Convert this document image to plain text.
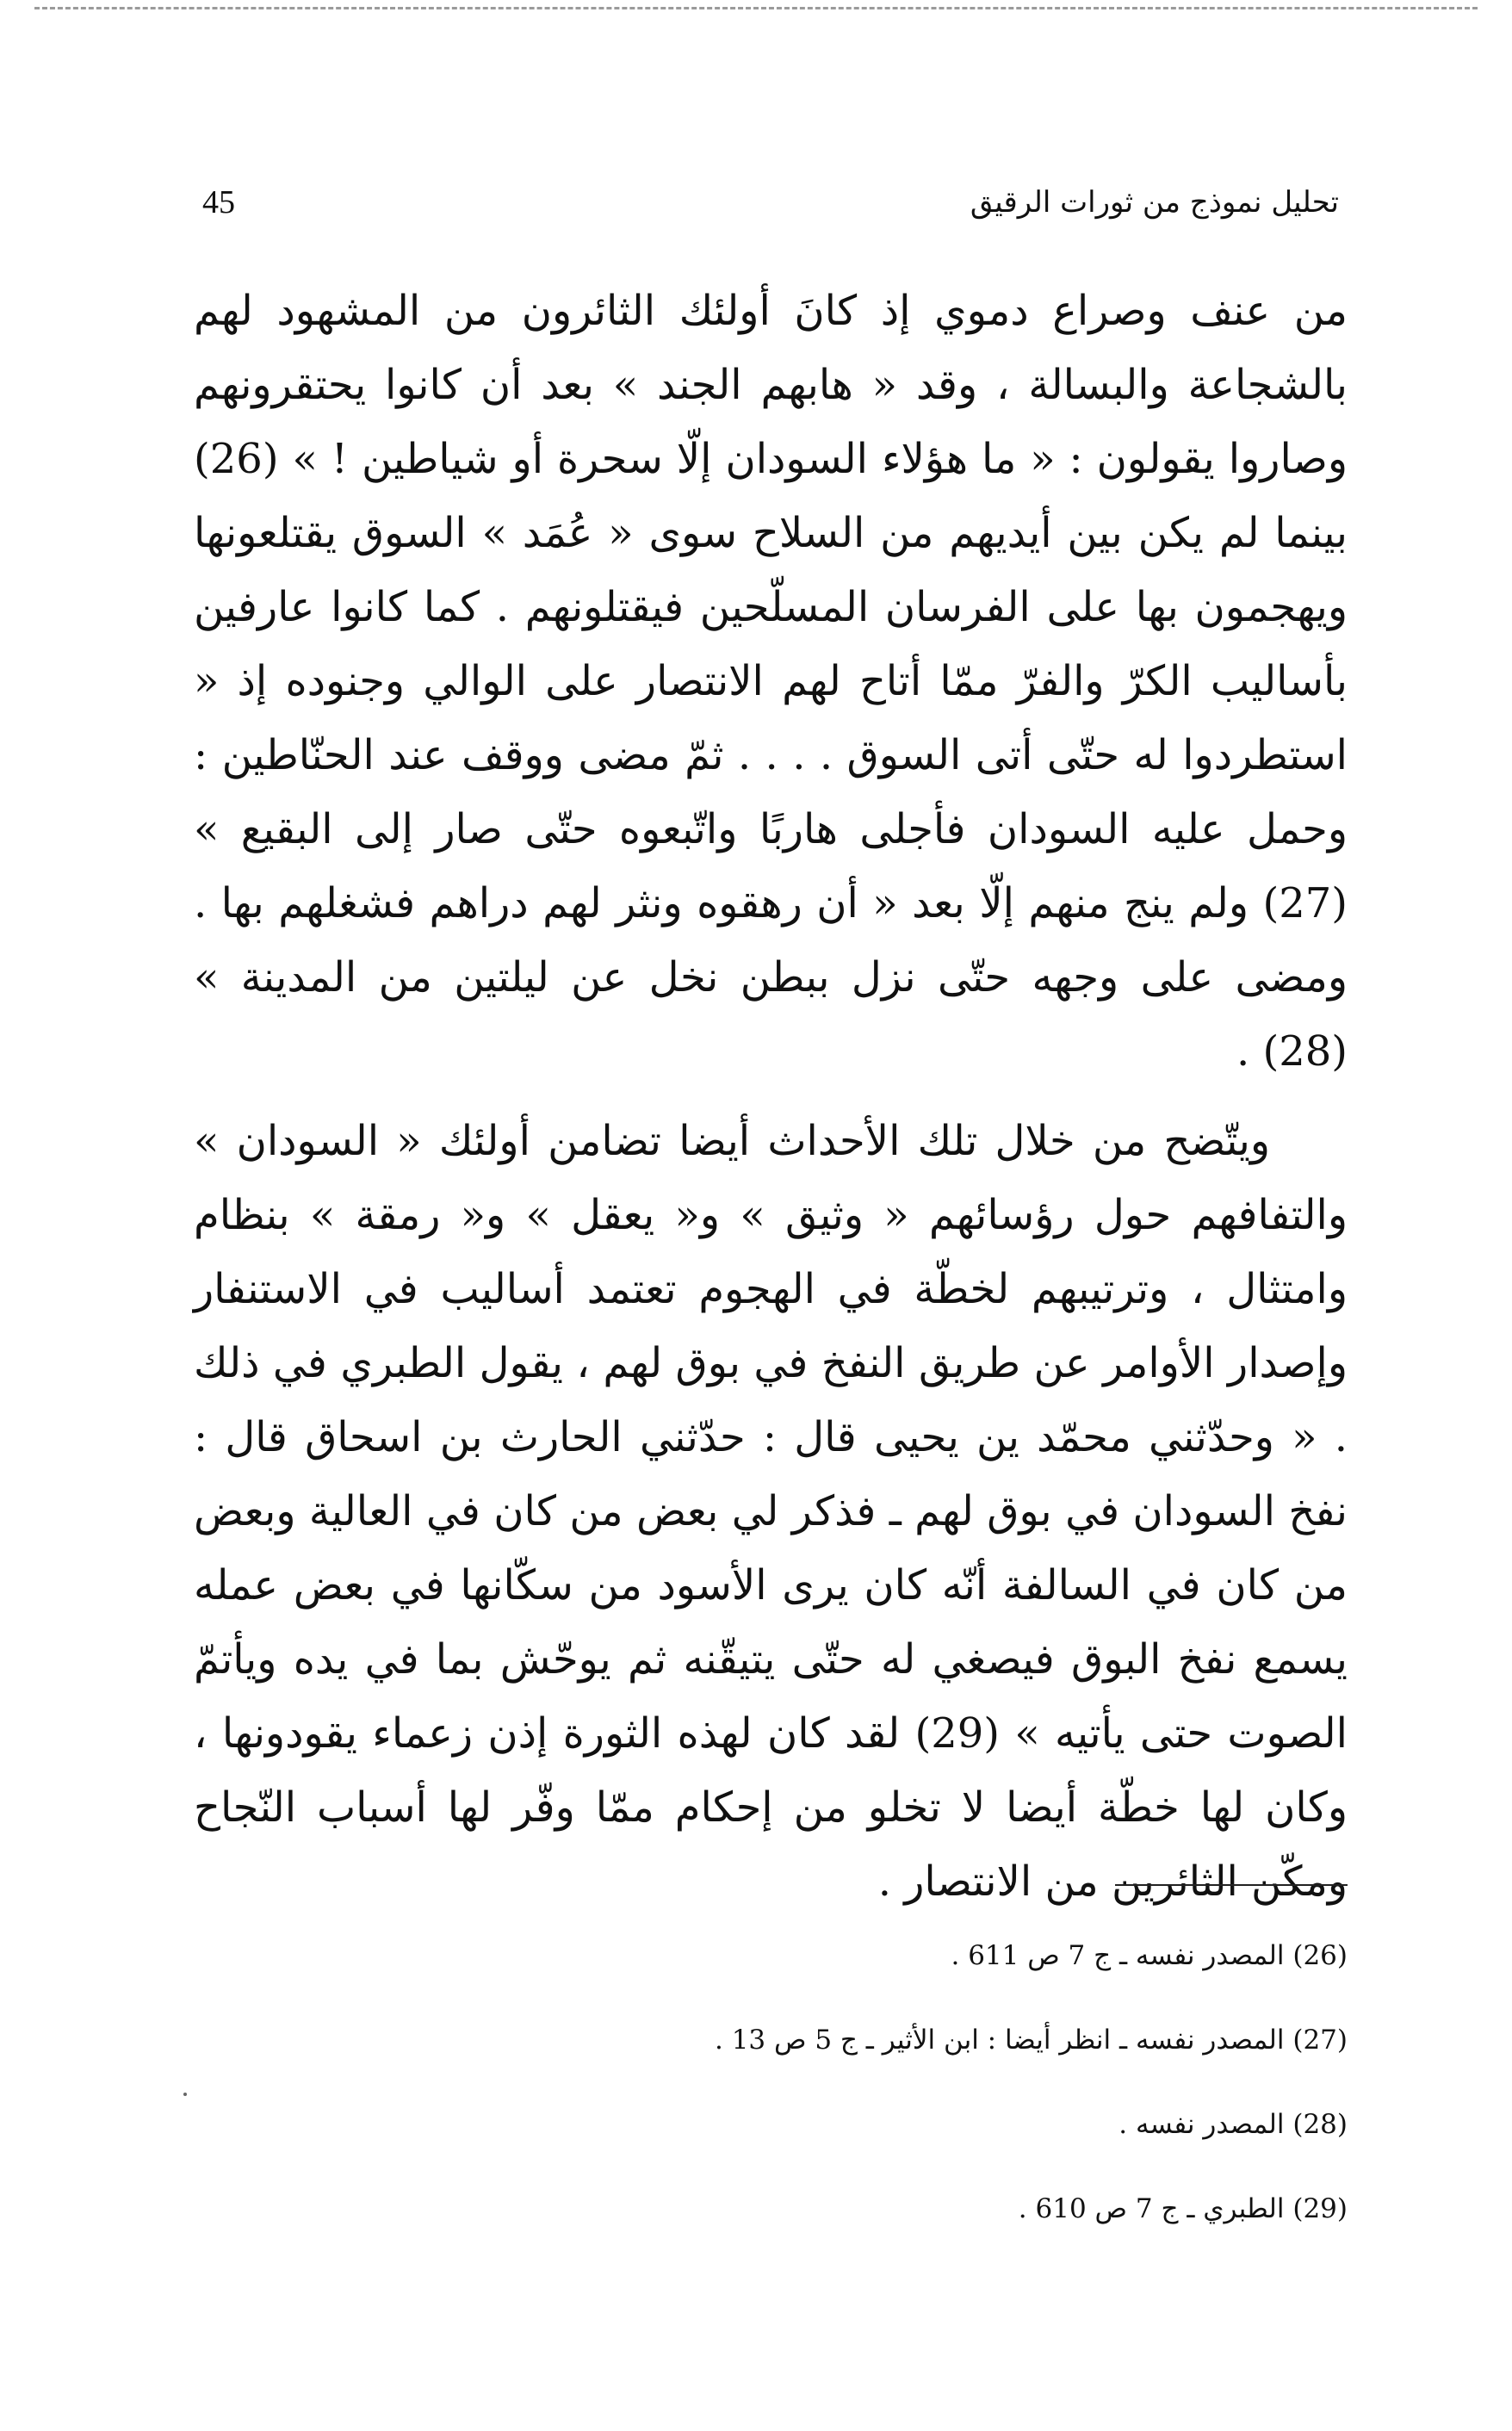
45	تحليل نموذج من ثورات الرقيق

من عنف وصراع دموي إذ كانَ أولئك الثائرون من المشهود لهم بالشجاعة والبسالة ، وقد « هابهم الجند » بعد أن كانوا يحتقرونهم وصاروا يقولون : « ما هؤلاء السودان إلّا سحرة أو شياطين ! » (26) بينما لم يكن بين أيديهم من السلاح سوى « عُمَد » السوق يقتلعونها ويهجمون بها على الفرسان المسلّحين فيقتلونهم . كما كانوا عارفين بأساليب الكرّ والفرّ ممّا أتاح لهم الانتصار على الوالي وجنوده إذ « استطردوا له حتّى أتى السوق . . . . ثمّ مضى ووقف عند الحنّاطين : وحمل عليه السودان فأجلى هاربًا واتّبعوه حتّى صار إلى البقيع » (27) ولم ينج منهم إلّا بعد « أن رهقوه ونثر لهم دراهم فشغلهم بها . ومضى على وجهه حتّى نزل ببطن نخل عن ليلتين من المدينة » (28) .

ويتّضح من خلال تلك الأحداث أيضا تضامن أولئك « السودان » والتفافهم حول رؤسائهم « وثيق » و« يعقل » و« رمقة » بنظام وامتثال ، وترتيبهم لخطّة في الهجوم تعتمد أساليب في الاستنفار وإصدار الأوامر عن طريق النفخ في بوق لهم ، يقول الطبري في ذلك . « وحدّثني محمّد ين يحيى قال : حدّثني الحارث بن اسحاق قال : نفخ السودان في بوق لهم ـ فذكر لي بعض من كان في العالية وبعض من كان في السالفة أنّه كان يرى الأسود من سكّانها في بعض عمله يسمع نفخ البوق فيصغي له حتّى يتيقّنه ثم يوحّش بما في يده ويأتمّ الصوت حتى يأتيه » (29) لقد كان لهذه الثورة إذن زعماء يقودونها ، وكان لها خطّة أيضا لا تخلو من إحكام ممّا وفّر لها أسباب النّجاح ومكّن الثائرين من الانتصار .

(26) المصدر نفسه ـ ج 7 ص 611 .
(27) المصدر نفسه ـ انظر أيضا : ابن الأثير ـ ج 5 ص 13 .
(28) المصدر نفسه .
(29) الطبري ـ ج 7 ص 610 .
